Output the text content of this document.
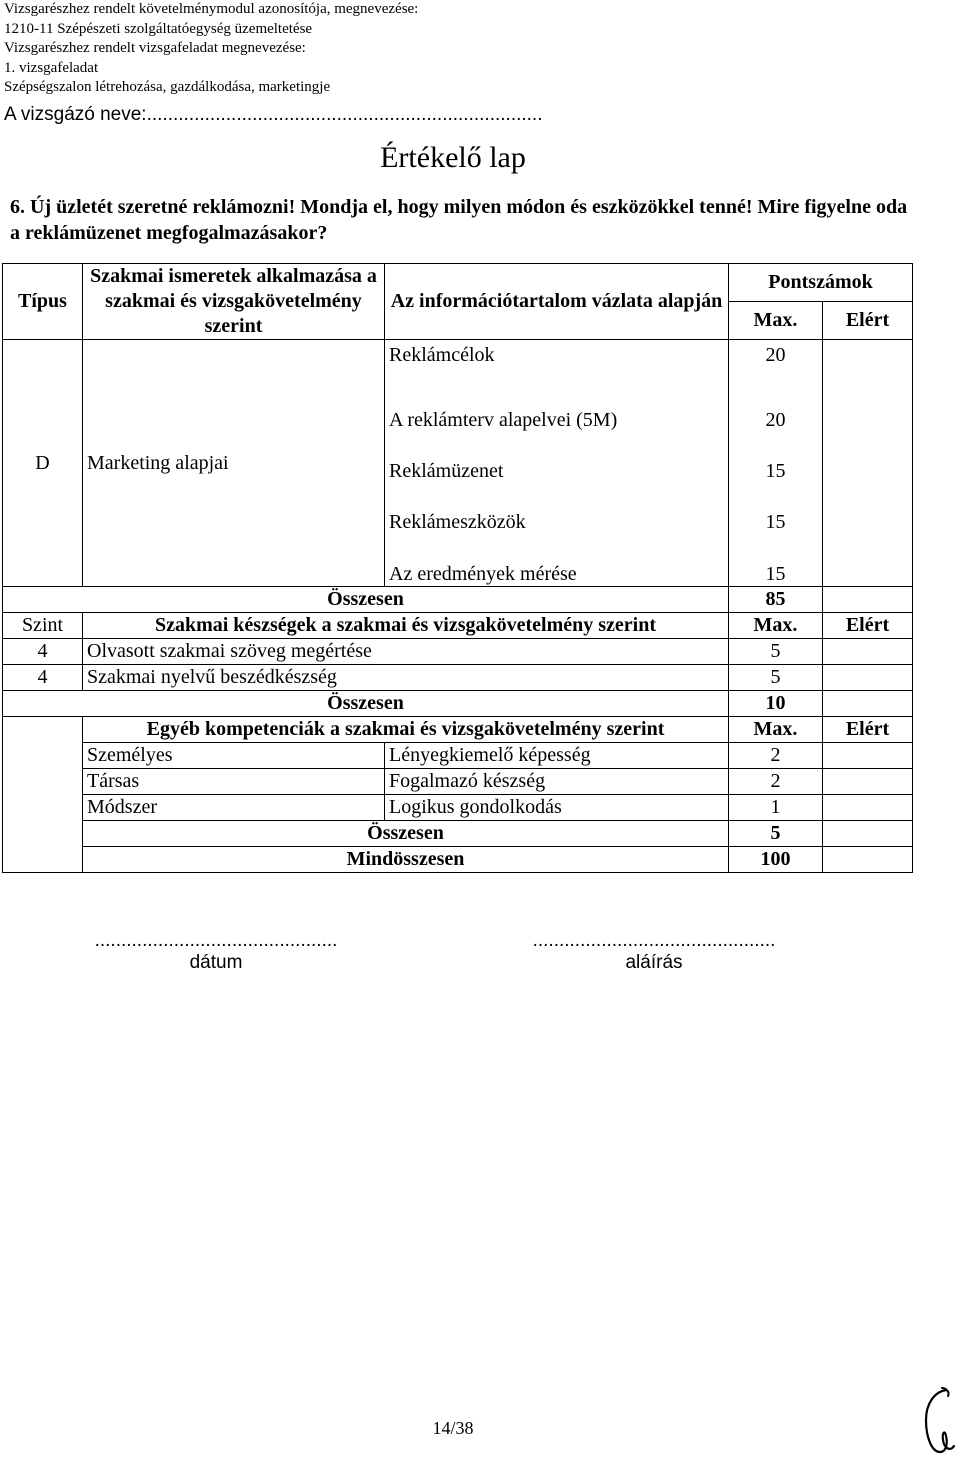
Vizsgarészhez rendelt követelménymodul azonosítója, megnevezése:
1210-11 Szépészeti szolgáltatóegység üzemeltetése
Vizsgarészhez rendelt vizsgafeladat megnevezése:
1. vizsgafeladat
Szépségszalon létrehozása, gazdálkodása, marketingje
A vizsgázó neve:...........................................................................
Értékelő lap
6. Új üzletét szeretné reklámozni! Mondja el, hogy milyen módon és eszközökkel tenné! Mire figyelne oda a reklámüzenet megfogalmazásakor?
Típus	Szakmai ismeretek alkalmazása a szakmai és vizsgakövetelmény szerint	Az információtartalom vázlata alapján	Pontszámok	
			Max.	Elért
D	Marketing alapjai	Reklámcélok	20	
		A reklámterv alapelvei (5M)	20	
		Reklámüzenet	15	
		Reklámeszközök	15	
		Az eredmények mérése	15	
Összesen			85	
Szint	Szakmai készségek a szakmai és vizsgakövetelmény szerint		Max.	Elért
4	Olvasott szakmai szöveg megértése		5	
4	Szakmai nyelvű beszédkészség		5	
Összesen			10	
	Egyéb kompetenciák a szakmai és vizsgakövetelmény szerint		Max.	Elért
	Személyes	Lényegkiemelő képesség	2	
	Társas	Fogalmazó készség	2	
	Módszer	Logikus gondolkodás	1	
	Összesen		5	
	Mindösszesen		100	
..............................................
dátum
..............................................
aláírás
14/38
